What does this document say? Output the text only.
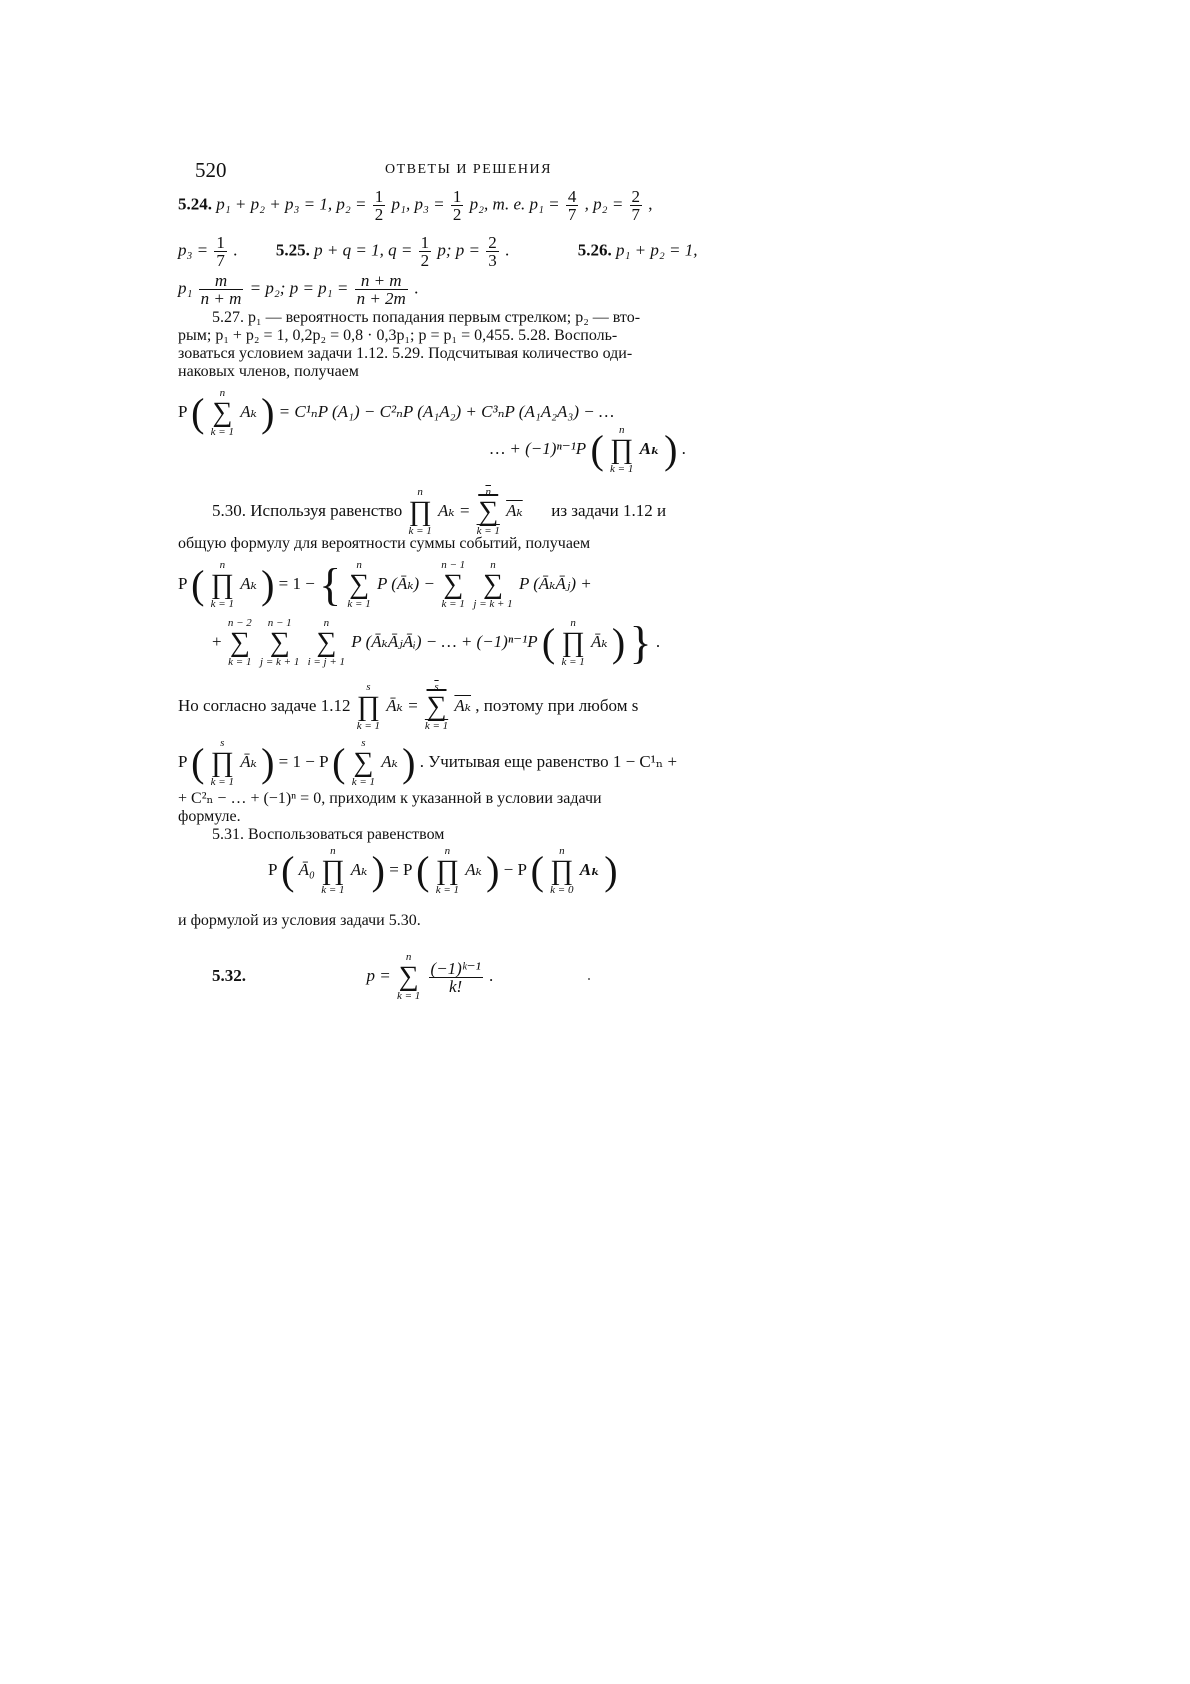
520	ОТВЕТЫ И РЕШЕНИЯ
5.24. p₁ + p₂ + p₃ = 1, $p_2 = \frac{1}{2} p_1$, $p_3 = \frac{1}{2} p_2$, т. е. $p_1 = \frac{4}{7}$ , $p_2 = \frac{2}{7}$ ,
$p_3 = \frac{1}{7}$ . 5.25. p + q = 1, $q = \frac{1}{2} p$; $p = \frac{2}{3}$ .	5.26. p₁ + p₂ = 1,
$p_1 \frac{m}{n + m} = p_2$; $p = p_1 = \frac{n + m}{n + 2m}$ .
5.27. p₁ — вероятность попадания первым стрелком; p₂ — вто-
рым; p₁ + p₂ = 1, 0,2p₂ = 0,8 · 0,3p₁; p = p₁ = 0,455. 5.28. Восполь-
зоваться условием задачи 1.12. 5.29. Подсчитывая количество оди-
наковых членов, получаем
P (	n
∑
k = 1
Aₖ ) = C¹ₙP (A₁) − C²ₙP (A₁A₂) + C³ₙP (A₁A₂A₃) − …
… + (−1)ⁿ⁻¹P (	n
∏
k = 1
Aₖ ) .
5.30. Используя равенство
n
∏
k = 1
Aₖ =
n
∑
k = 1
$\overline{A_k}$ из задачи 1.12 и
общую формулу для вероятности суммы событий, получаем
P (	n
∏
k = 1
Aₖ ) = 1 − {	n
∑
k = 1
P (Āₖ) −
n − 1
∑
k = 1

n
∑
j = k + 1
P (ĀₖĀⱼ) +
+
n − 2
∑
k = 1

n − 1
∑
j = k + 1

n
∑
i = j + 1
P (ĀₖĀⱼĀᵢ) − … + (−1)ⁿ⁻¹P (	n
∏
k = 1
Āₖ ) } .
Но согласно задаче 1.12
s
∏
k = 1
Āₖ =
s
∑
k = 1
$\overline{A_k}$ , поэтому при любом s
P (	s
∏
k = 1
Āₖ ) = 1 − P (	s
∑
k = 1
Aₖ ) . Учитывая еще равенство 1 − C¹ₙ +
+ C²ₙ − … + (−1)ⁿ = 0, приходим к указанной в условии задачи
формуле.
5.31. Воспользоваться равенством
P ( Ā₀
n
∏
k = 1
Aₖ ) = P (	n
∏
k = 1
Aₖ ) − P (	n
∏
k = 0
Aₖ )
и формулой из условия задачи 5.30.
5.32.	p =
n
∑
k = 1

$\frac{\text{(−1)ᵏ⁻¹}}{k!}$ .
